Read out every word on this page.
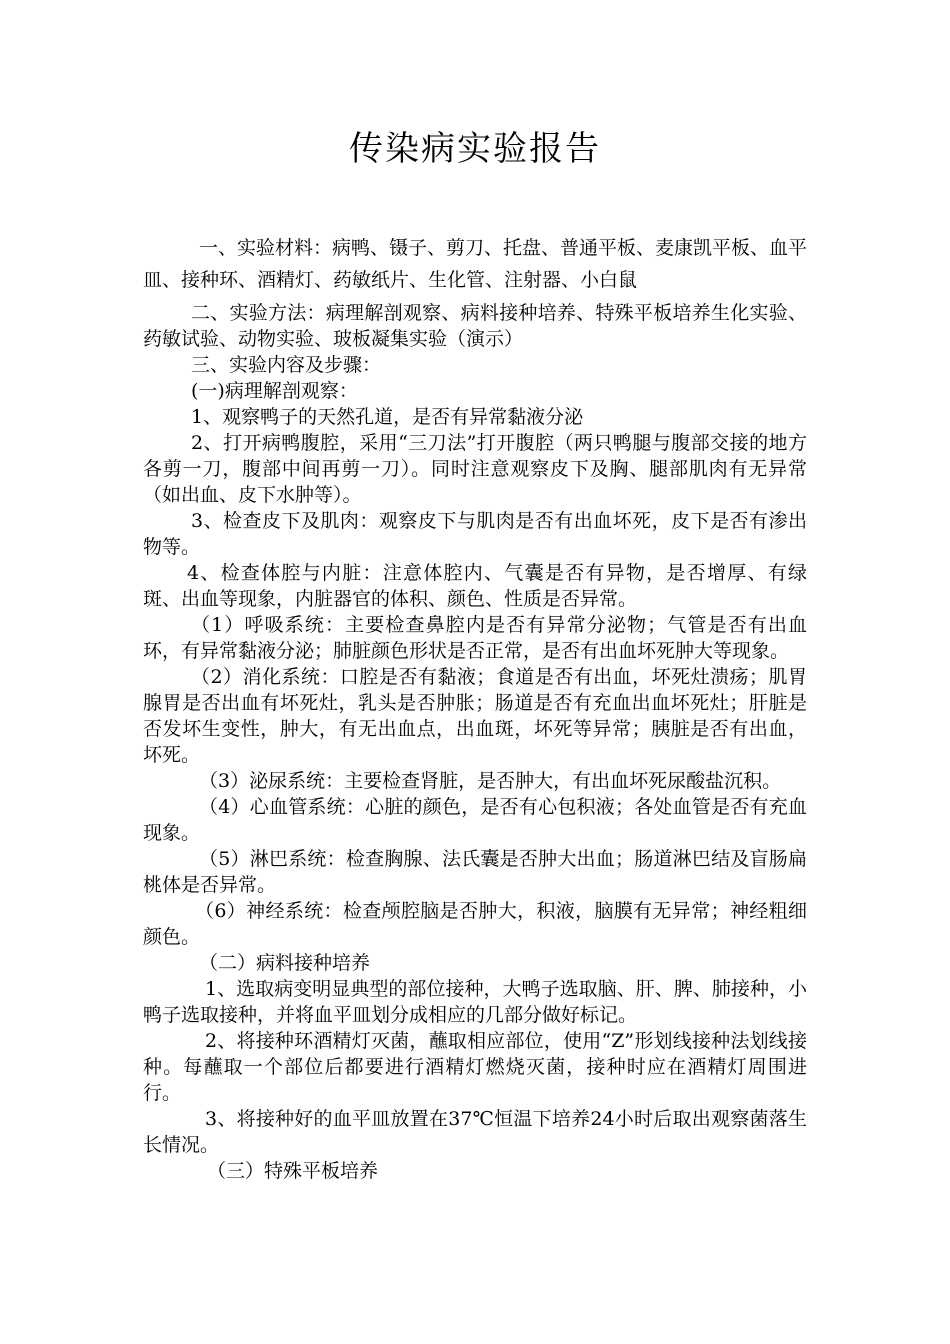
传染病实验报告

一、实验材料：病鸭、镊子、剪刀、托盘、普通平板、麦康凯平板、血平皿、接种环、酒精灯、药敏纸片、生化管、注射器、小白鼠

二、实验方法：病理解剖观察、病料接种培养、特殊平板培养生化实验、药敏试验、动物实验、玻板凝集实验（演示）

三、实验内容及步骤：

(一)病理解剖观察：

1、观察鸭子的天然孔道，是否有异常黏液分泌

2、打开病鸭腹腔，采用“三刀法”打开腹腔（两只鸭腿与腹部交接的地方各剪一刀，腹部中间再剪一刀）。同时注意观察皮下及胸、腿部肌肉有无异常（如出血、皮下水肿等）。

3、检查皮下及肌肉：观察皮下与肌肉是否有出血坏死，皮下是否有渗出物等。

4、检查体腔与内脏：注意体腔内、气囊是否有异物，是否增厚、有绿斑、出血等现象，内脏器官的体积、颜色、性质是否异常。

（1）呼吸系统：主要检查鼻腔内是否有异常分泌物；气管是否有出血环，有异常黏液分泌；肺脏颜色形状是否正常，是否有出血坏死肿大等现象。

（2）消化系统：口腔是否有黏液；食道是否有出血，坏死灶溃疡；肌胃腺胃是否出血有坏死灶，乳头是否肿胀；肠道是否有充血出血坏死灶；肝脏是否发坏生变性，肿大，有无出血点，出血斑，坏死等异常；胰脏是否有出血，坏死。

（3）泌尿系统：主要检查肾脏，是否肿大，有出血坏死尿酸盐沉积。

（4）心血管系统：心脏的颜色，是否有心包积液；各处血管是否有充血现象。

（5）淋巴系统：检查胸腺、法氏囊是否肿大出血；肠道淋巴结及盲肠扁桃体是否异常。

（6）神经系统：检查颅腔脑是否肿大，积液，脑膜有无异常；神经粗细颜色。

（二）病料接种培养

1、选取病变明显典型的部位接种，大鸭子选取脑、肝、脾、肺接种，小鸭子选取接种，并将血平皿划分成相应的几部分做好标记。

2、将接种环酒精灯灭菌，蘸取相应部位，使用“Z”形划线接种法划线接种。每蘸取一个部位后都要进行酒精灯燃烧灭菌，接种时应在酒精灯周围进行。

3、将接种好的血平皿放置在37℃恒温下培养24小时后取出观察菌落生长情况。

（三）特殊平板培养
